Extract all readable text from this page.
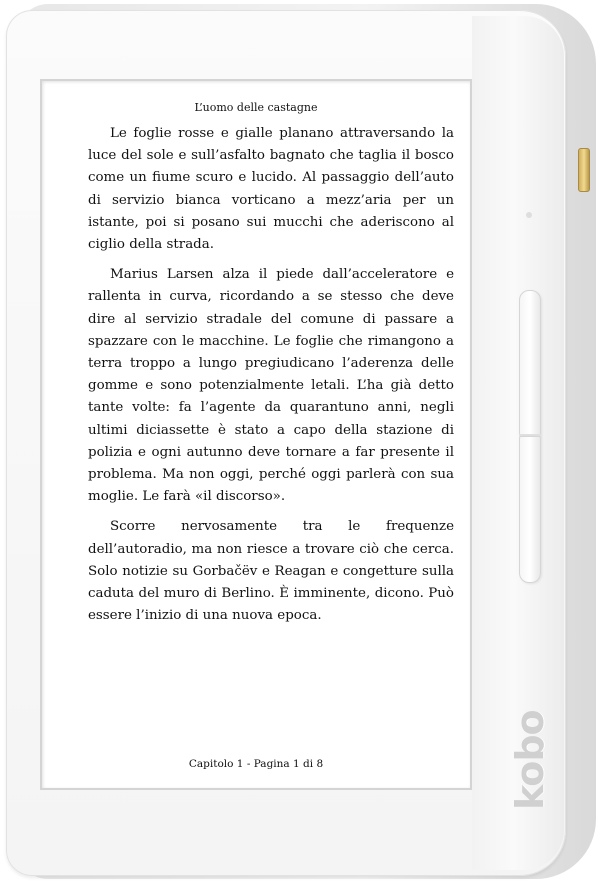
kobo
L’uomo delle castagne

Le foglie rosse e gialle planano attraversando la luce del sole e sull’asfalto bagnato che taglia il bosco come un fiume scuro e lucido. Al passaggio dell’auto di servizio bianca vorticano a mezz’aria per un istante, poi si posano sui mucchi che aderiscono al ciglio della strada.

Marius Larsen alza il piede dall’acceleratore e rallenta in curva, ricordando a se stesso che deve dire al servizio stradale del comune di passare a spazzare con le macchine. Le foglie che rimangono a terra troppo a lungo pregiudicano l’aderenza delle gomme e sono potenzialmente letali. L’ha già detto tante volte: fa l’agente da quarantuno anni, negli ultimi diciassette è stato a capo della stazione di polizia e ogni autunno deve tornare a far presente il problema. Ma non oggi, perché oggi parlerà con sua moglie. Le farà «il discorso».

Scorre nervosamente tra le frequenze dell’autoradio, ma non riesce a trovare ciò che cerca. Solo notizie su Gorbačëv e Reagan e congetture sulla caduta del muro di Berlino. È imminente, dicono. Può essere l’inizio di una nuova epoca.

Capitolo 1 - Pagina 1 di 8
